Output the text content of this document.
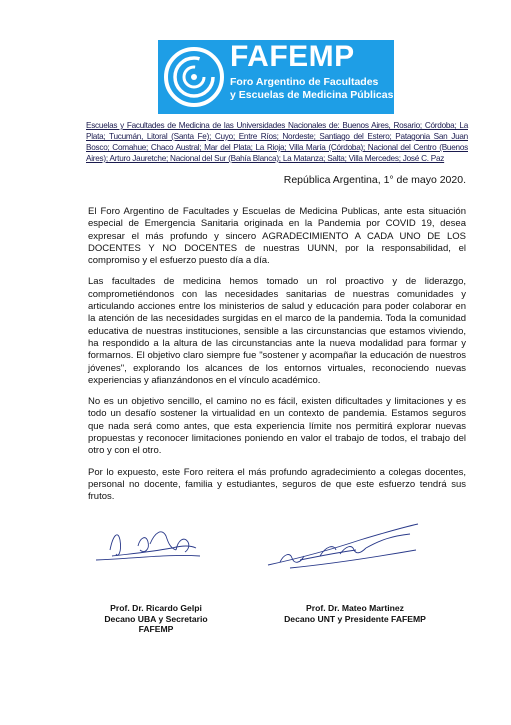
FAFEMP
Foro Argentino de Facultades
y Escuelas de Medicina Públicas
Escuelas y Facultades de Medicina de las Universidades Nacionales de: Buenos Aires, Rosario; Córdoba; La Plata; Tucumán, Litoral (Santa Fe); Cuyo; Entre Ríos; Nordeste; Santiago del Estero; Patagonia San Juan Bosco; Comahue; Chaco Austral; Mar del Plata; La Rioja; Villa María (Córdoba); Nacional del Centro (Buenos Aires); Arturo Jauretche; Nacional del Sur (Bahía Blanca); La Matanza; Salta; Villa Mercedes; José C. Paz
República Argentina, 1° de mayo 2020.

El Foro Argentino de Facultades y Escuelas de Medicina Publicas, ante esta situación especial de Emergencia Sanitaria originada en la Pandemia por COVID 19, desea expresar el más profundo y sincero AGRADECIMIENTO A CADA UNO DE LOS DOCENTES Y NO DOCENTES de nuestras UUNN, por la responsabilidad, el compromiso y el esfuerzo puesto día a día.

Las facultades de medicina hemos tomado un rol proactivo y de liderazgo, comprometiéndonos con las necesidades sanitarias de nuestras comunidades y articulando acciones entre los ministerios de salud y educación para poder colaborar en la atención de las necesidades surgidas en el marco de la pandemia. Toda la comunidad educativa de nuestras instituciones, sensible a las circunstancias que estamos viviendo, ha respondido a la altura de las circunstancias ante la nueva modalidad para formar y formarnos. El objetivo claro siempre fue "sostener y acompañar la educación de nuestros jóvenes", explorando los alcances de los entornos virtuales, reconociendo nuevas experiencias y afianzándonos en el vínculo académico.

No es un objetivo sencillo, el camino no es fácil, existen dificultades y limitaciones y es todo un desafío sostener la virtualidad en un contexto de pandemia. Estamos seguros que nada será como antes, que esta experiencia límite nos permitirá explorar nuevas propuestas y reconocer limitaciones poniendo en valor el trabajo de todos, el trabajo del otro y con el otro.

Por lo expuesto, este Foro reitera el más profundo agradecimiento a colegas docentes, personal no docente, familia y estudiantes, seguros de que este esfuerzo tendrá sus frutos.

Prof. Dr. Ricardo Gelpi
Decano UBA y Secretario FAFEMP
Prof. Dr. Mateo Martinez
Decano UNT y Presidente FAFEMP
